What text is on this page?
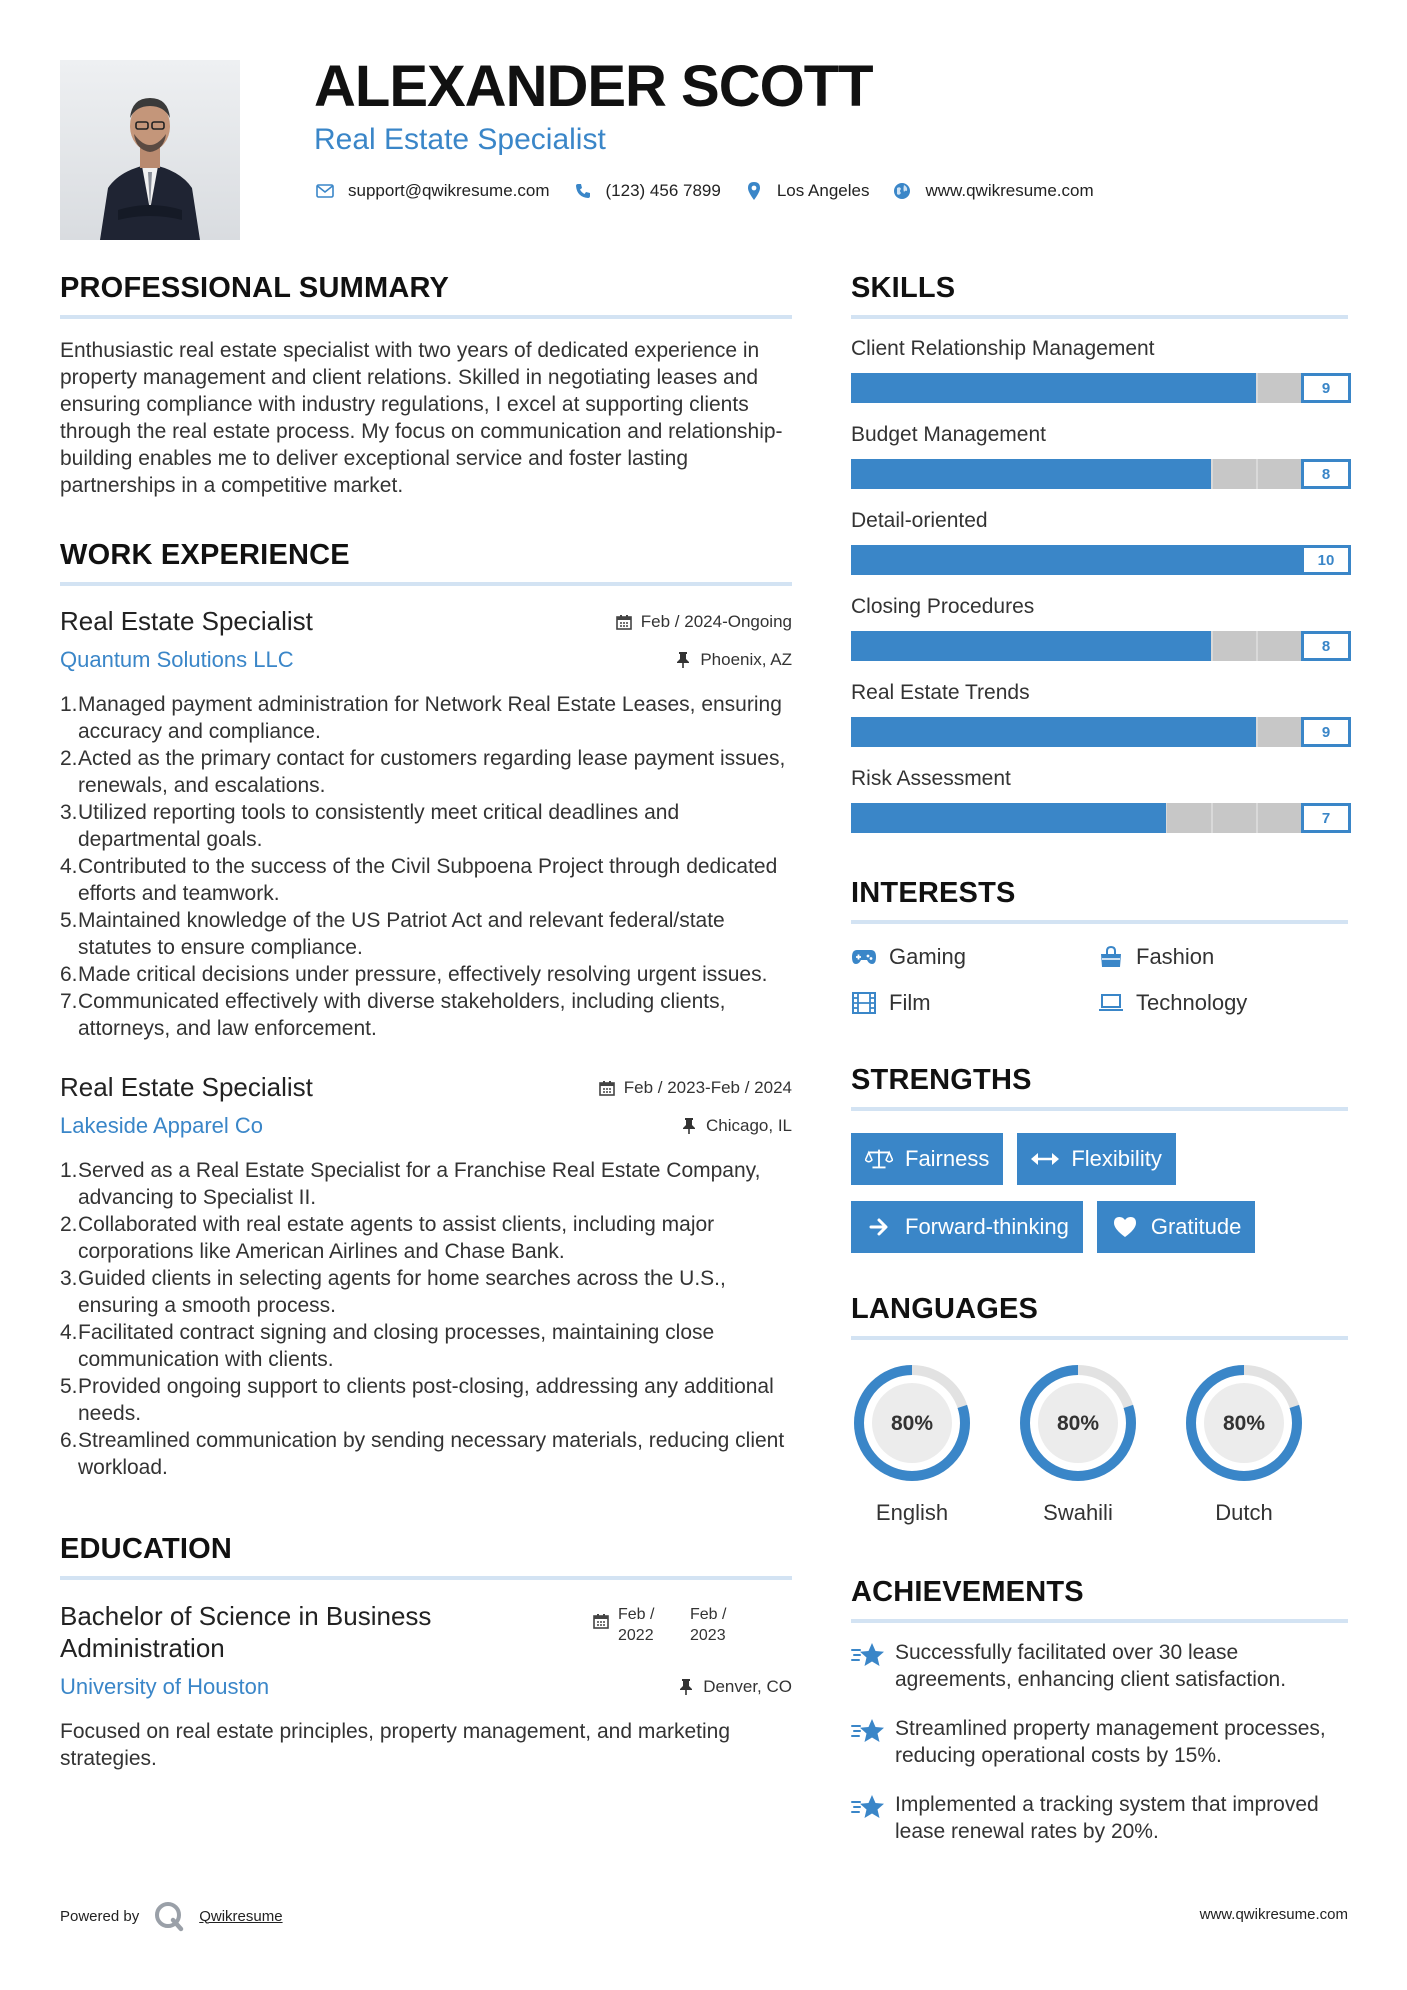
ALEXANDER SCOTT
Real Estate Specialist
support@qwikresume.com	(123) 456 7899	Los Angeles	www.qwikresume.com
PROFESSIONAL SUMMARY

Enthusiastic real estate specialist with two years of dedicated experience in property management and client relations. Skilled in negotiating leases and ensuring compliance with industry regulations, I excel at supporting clients through the real estate process. My focus on communication and relationship-building enables me to deliver exceptional service and foster lasting partnerships in a competitive market.

WORK EXPERIENCE
Real Estate Specialist	Feb / 2024-Ongoing
Quantum Solutions LLC	Phoenix, AZ
1. Managed payment administration for Network Real Estate Leases, ensuring accuracy and compliance.
2. Acted as the primary contact for customers regarding lease payment issues, renewals, and escalations.
3. Utilized reporting tools to consistently meet critical deadlines and departmental goals.
4. Contributed to the success of the Civil Subpoena Project through dedicated efforts and teamwork.
5. Maintained knowledge of the US Patriot Act and relevant federal/state statutes to ensure compliance.
6. Made critical decisions under pressure, effectively resolving urgent issues.
7. Communicated effectively with diverse stakeholders, including clients, attorneys, and law enforcement.
Real Estate Specialist	Feb / 2023-Feb / 2024
Lakeside Apparel Co	Chicago, IL
1. Served as a Real Estate Specialist for a Franchise Real Estate Company, advancing to Specialist II.
2. Collaborated with real estate agents to assist clients, including major corporations like American Airlines and Chase Bank.
3. Guided clients in selecting agents for home searches across the U.S., ensuring a smooth process.
4. Facilitated contract signing and closing processes, maintaining close communication with clients.
5. Provided ongoing support to clients post-closing, addressing any additional needs.
6. Streamlined communication by sending necessary materials, reducing client workload.
EDUCATION
Bachelor of Science in Business Administration
Feb / 2022
Feb / 2023
University of Houston	Denver, CO

Focused on real estate principles, property management, and marketing strategies.

SKILLS
Client Relationship Management
9
Budget Management
8
Detail-oriented
10
Closing Procedures
8
Real Estate Trends
9
Risk Assessment
7
INTERESTS
Gaming	Fashion
Film	Technology
STRENGTHS
Fairness	Flexibility
Forward-thinking	Gratitude
LANGUAGES
80%
English
80%
Swahili
80%
Dutch
ACHIEVEMENTS
Successfully facilitated over 30 lease agreements, enhancing client satisfaction.
Streamlined property management processes, reducing operational costs by 15%.
Implemented a tracking system that improved lease renewal rates by 20%.
Powered by	Qwikresume	www.qwikresume.com
